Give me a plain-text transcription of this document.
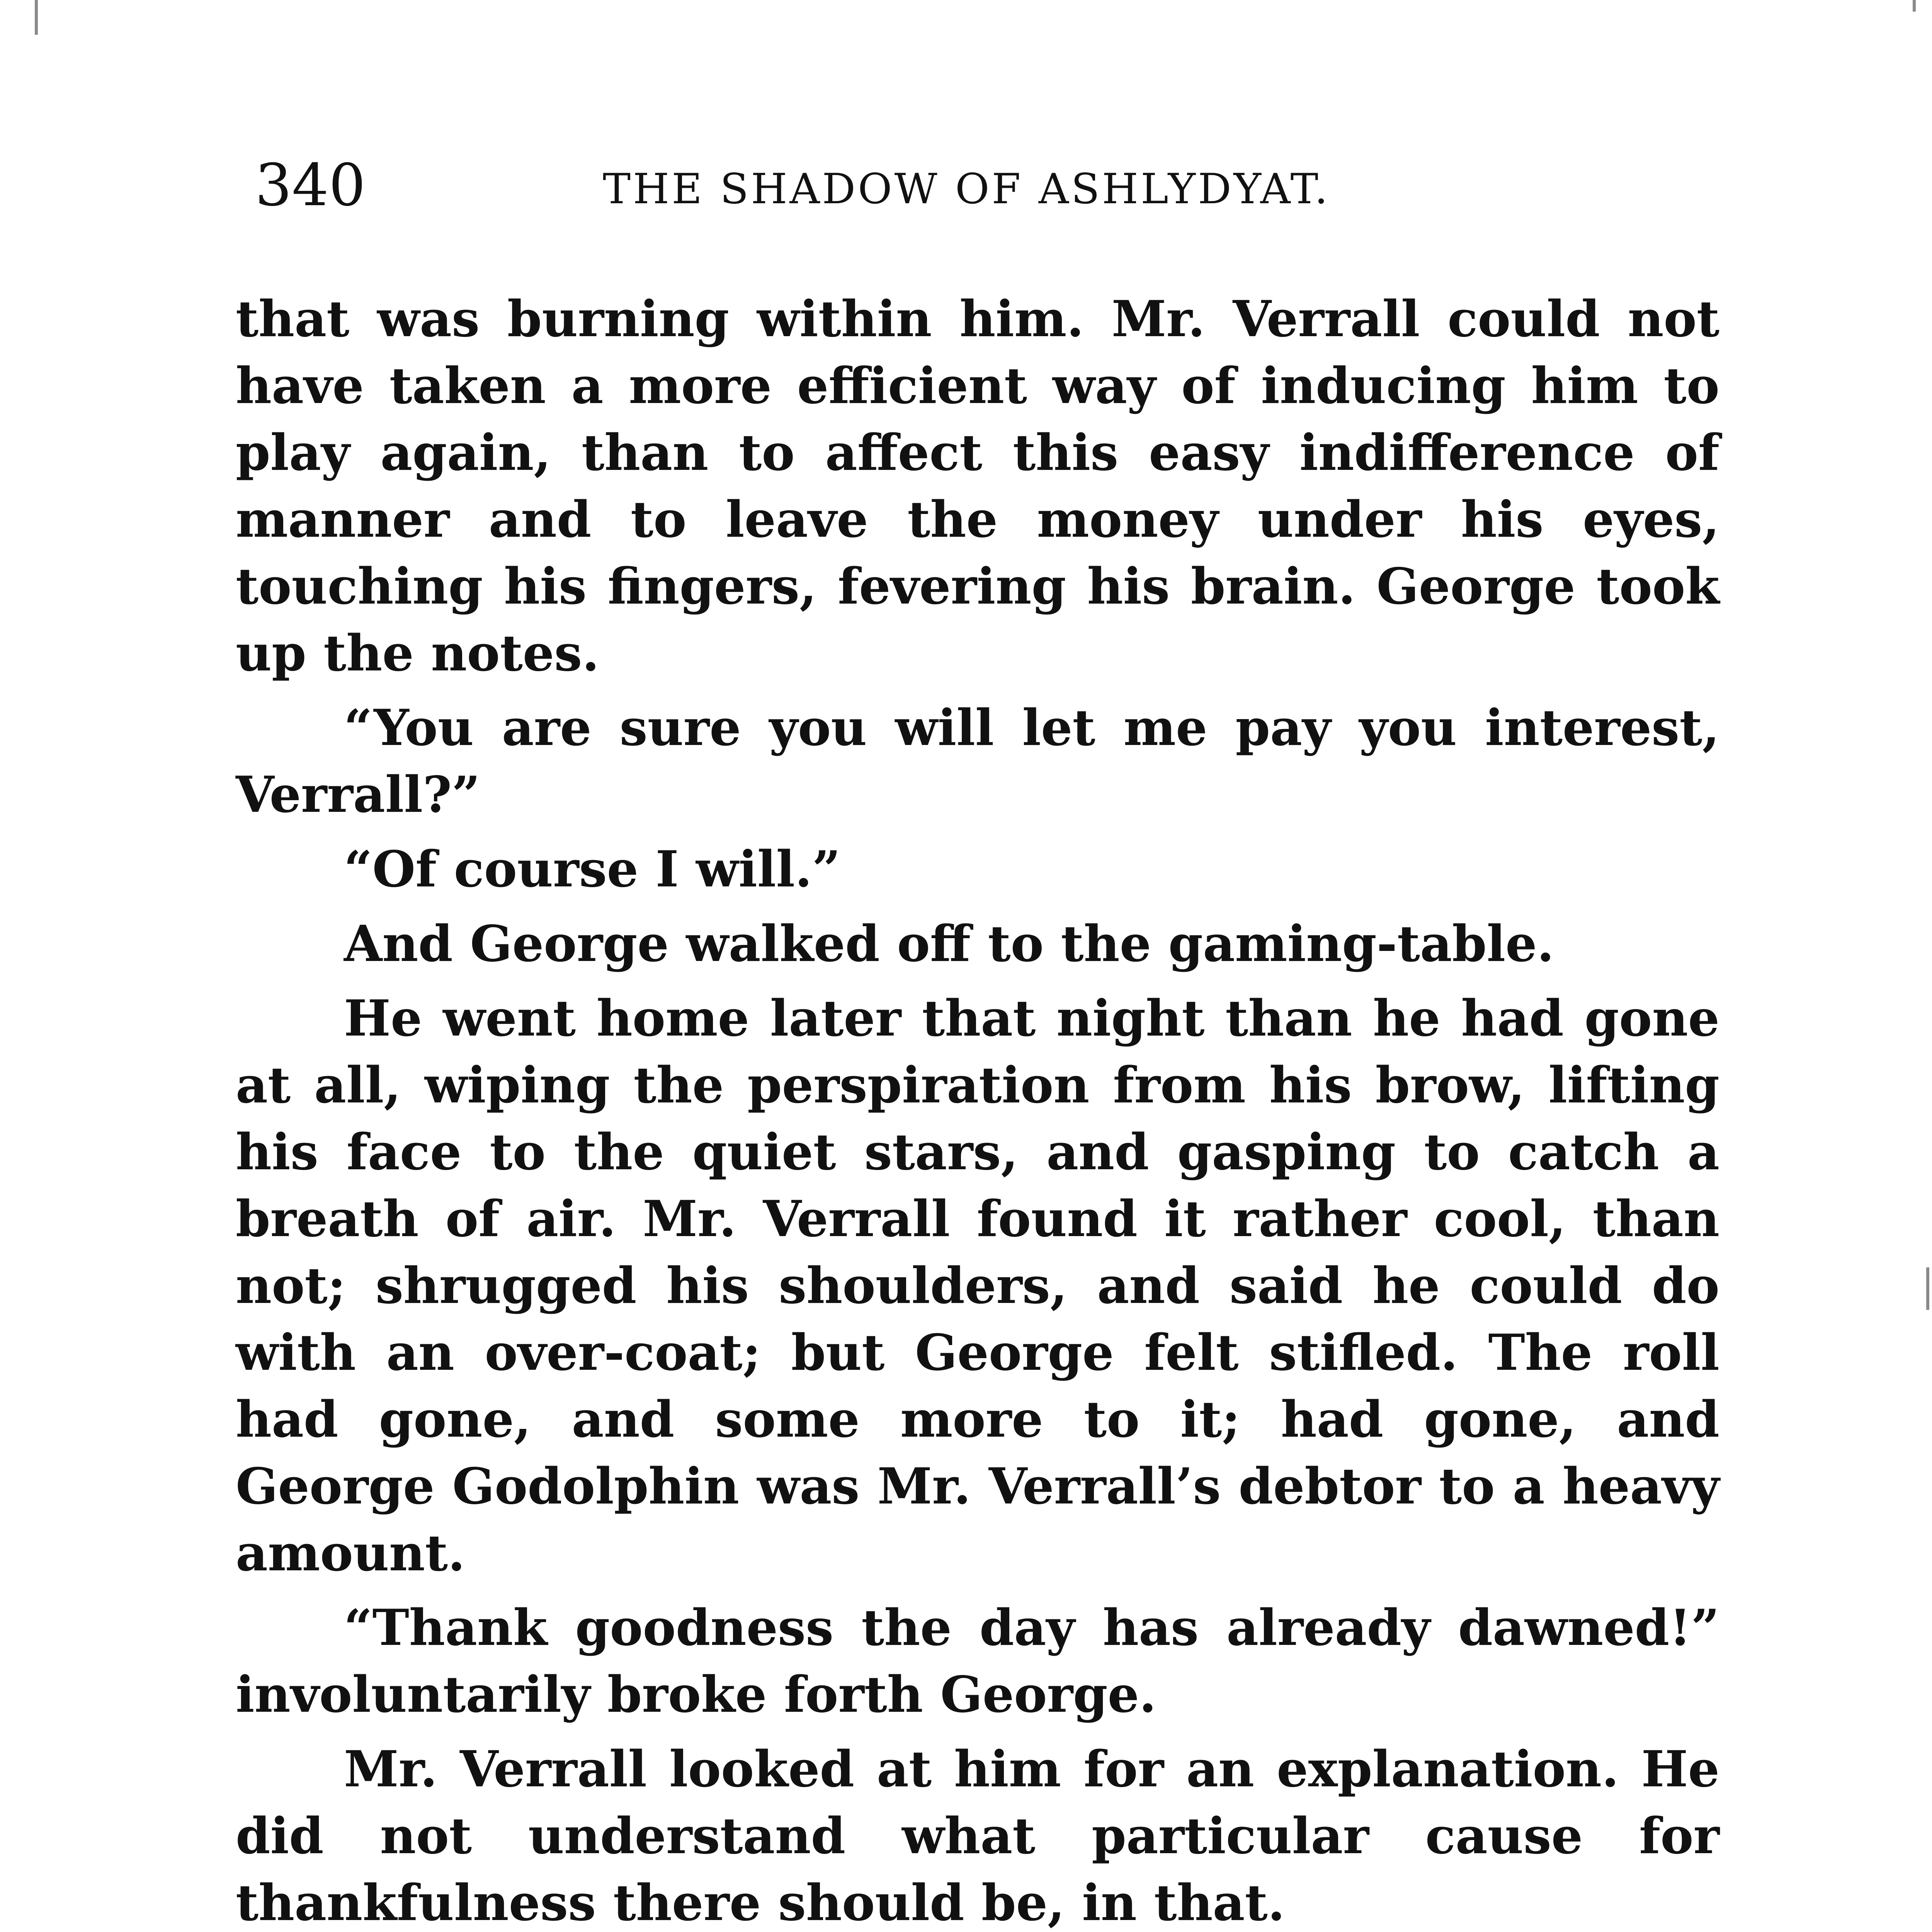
340	THE SHADOW OF ASHLYDYAT.

that was burning within him. Mr. Verrall could not have taken a more efficient way of inducing him to play again, than to affect this easy indifference of manner and to leave the money under his eyes, touching his fingers, fevering his brain. George took up the notes.

“You are sure you will let me pay you interest, Verrall?”

“Of course I will.”

And George walked off to the gaming-table.

He went home later that night than he had gone at all, wiping the perspiration from his brow, lifting his face to the quiet stars, and gasping to catch a breath of air. Mr. Verrall found it rather cool, than not; shrugged his shoulders, and said he could do with an over-coat; but George felt stifled. The roll had gone, and some more to it; had gone, and George Godolphin was Mr. Verrall’s debtor to a heavy amount.

“Thank goodness the day has already dawned!” involuntarily broke forth George.

Mr. Verrall looked at him for an explanation. He did not understand what particular cause for thankfulness there should be, in that.
